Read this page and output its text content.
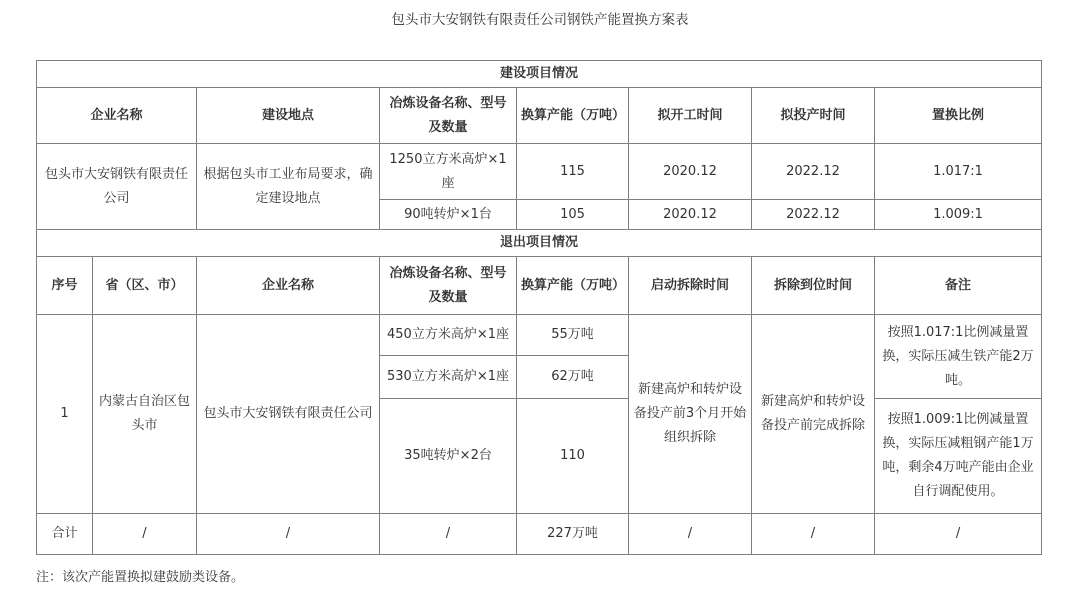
包头市大安钢铁有限责任公司钢铁产能置换方案表
建设项目情况							
企业名称		建设地点	冶炼设备名称、型号及数量	换算产能（万吨）	拟开工时间	拟投产时间	置换比例
包头市大安钢铁有限责任公司		根据包头市工业布局要求，确定建设地点	1250立方米高炉×1座	115	2020.12	2022.12	1.017:1
			90吨转炉×1台	105	2020.12	2022.12	1.009:1
退出项目情况							
序号	省（区、市）	企业名称	冶炼设备名称、型号及数量	换算产能（万吨）	启动拆除时间	拆除到位时间	备注
1	内蒙古自治区包头市	包头市大安钢铁有限责任公司	450立方米高炉×1座	55万吨	新建高炉和转炉设备投产前3个月开始组织拆除	新建高炉和转炉设备投产前完成拆除	按照1.017:1比例减量置换，实际压减生铁产能2万吨。
			530立方米高炉×1座	62万吨			
			35吨转炉×2台	110			按照1.009:1比例减量置换，实际压减粗钢产能1万吨，剩余4万吨产能由企业自行调配使用。
合计	/	/	/	227万吨	/	/	/
注：该次产能置换拟建鼓励类设备。
